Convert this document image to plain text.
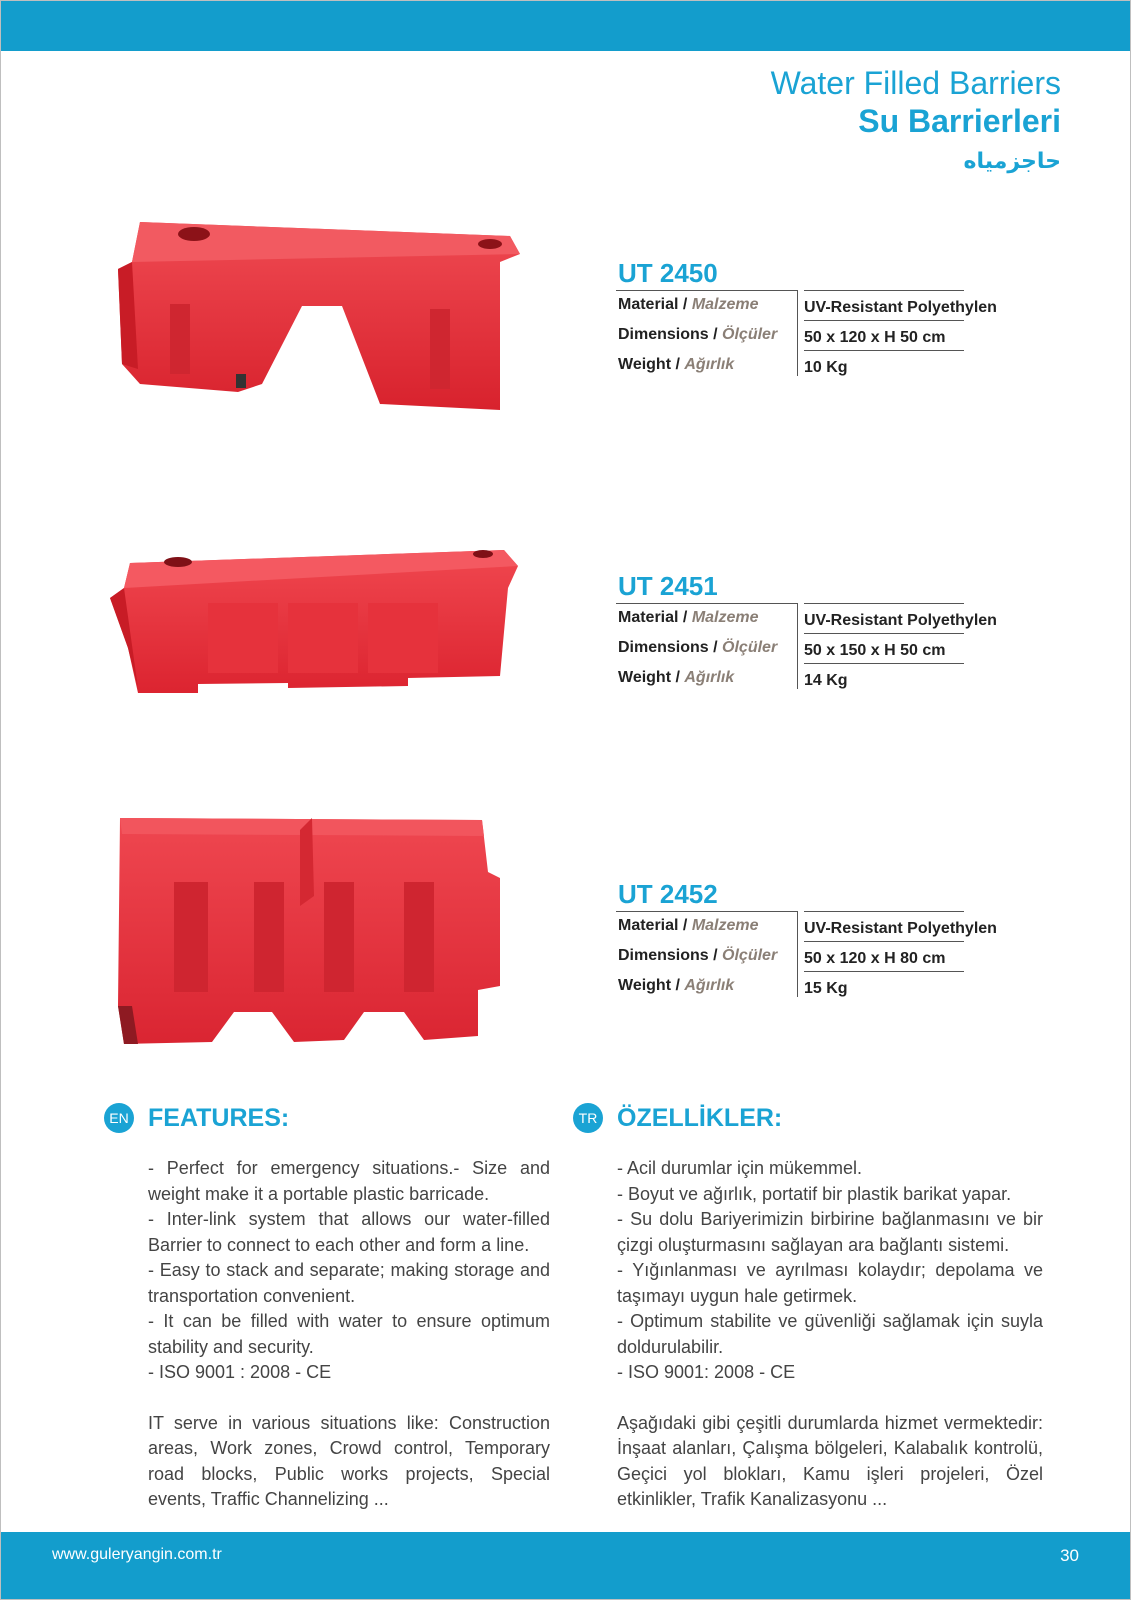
Water Filled Barriers
Su Barrierleri
حاجزمياه
UT 2450
Material / Malzeme	UV-Resistant Polyethylen
Dimensions / Ölçüler	50 x 120 x H 50 cm
Weight / Ağırlık	10 Kg
UT 2451
Material / Malzeme	UV-Resistant Polyethylen
Dimensions / Ölçüler	50 x 150 x H 50 cm
Weight / Ağırlık	14 Kg
UT 2452
Material / Malzeme	UV-Resistant Polyethylen
Dimensions / Ölçüler	50 x 120 x H 80 cm
Weight / Ağırlık	15 Kg
EN FEATURES:

- Perfect for emergency situations.- Size and weight make it a portable plastic barricade.

- Inter-link system that allows our water-filled Barrier to connect to each other and form a line.

- Easy to stack and separate; making storage and transportation convenient.

- It can be filled with water to ensure optimum stability and security.

- ISO 9001 : 2008 - CE

IT serve in various situations like: Construction areas, Work zones, Crowd control, Temporary road blocks, Public works projects, Special events, Traffic Channelizing ...

TR ÖZELLİKLER:

- Acil durumlar için mükemmel.

- Boyut ve ağırlık, portatif bir plastik barikat yapar.

- Su dolu Bariyerimizin birbirine bağlanmasını ve bir çizgi oluşturmasını sağlayan ara bağlantı sistemi.

- Yığınlanması ve ayrılması kolaydır; depolama ve taşımayı uygun hale getirmek.

- Optimum stabilite ve güvenliği sağlamak için suyla doldurulabilir.

- ISO 9001: 2008 - CE

Aşağıdaki gibi çeşitli durumlarda hizmet vermektedir: İnşaat alanları, Çalışma bölgeleri, Kalabalık kontrolü, Geçici yol blokları, Kamu işleri projeleri, Özel etkinlikler, Trafik Kanalizasyonu ...

www.guleryangin.com.tr	30
